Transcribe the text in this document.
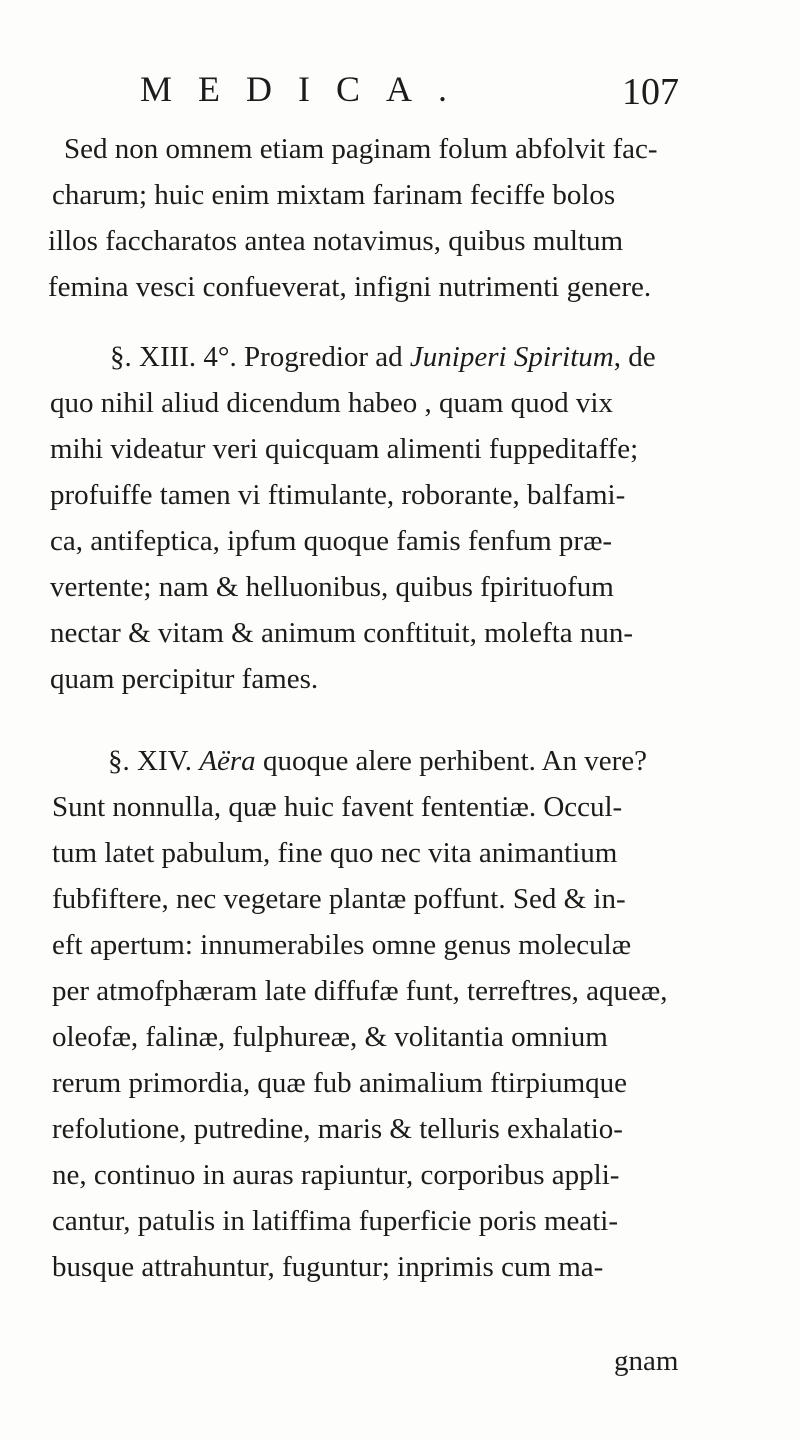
MEDICA.	107
Sed non omnem etiam paginam folum abfolvit fac-
charum; huic enim mixtam farinam feciffe bolos
illos faccharatos antea notavimus, quibus multum
femina vesci confueverat, infigni nutrimenti genere.
§. XIII. 4°. Progredior ad Juniperi Spiritum, de
quo nihil aliud dicendum habeo , quam quod vix
mihi videatur veri quicquam alimenti fuppeditaffe;
profuiffe tamen vi ftimulante, roborante, balfami-
ca, antifeptica, ipfum quoque famis fenfum præ-
vertente; nam & helluonibus, quibus fpirituofum
nectar & vitam & animum conftituit, molefta nun-
quam percipitur fames.
§. XIV. Aëra quoque alere perhibent. An vere?
Sunt nonnulla, quæ huic favent fententiæ. Occul-
tum latet pabulum, fine quo nec vita animantium
fubfiftere, nec vegetare plantæ poffunt. Sed & in-
eft apertum: innumerabiles omne genus moleculæ
per atmofphæram late diffufæ funt, terreftres, aqueæ,
oleofæ, falinæ, fulphureæ, & volitantia omnium
rerum primordia, quæ fub animalium ftirpiumque
refolutione, putredine, maris & telluris exhalatio-
ne, continuo in auras rapiuntur, corporibus appli-
cantur, patulis in latiffima fuperficie poris meati-
busque attrahuntur, fuguntur; inprimis cum ma-
gnam
